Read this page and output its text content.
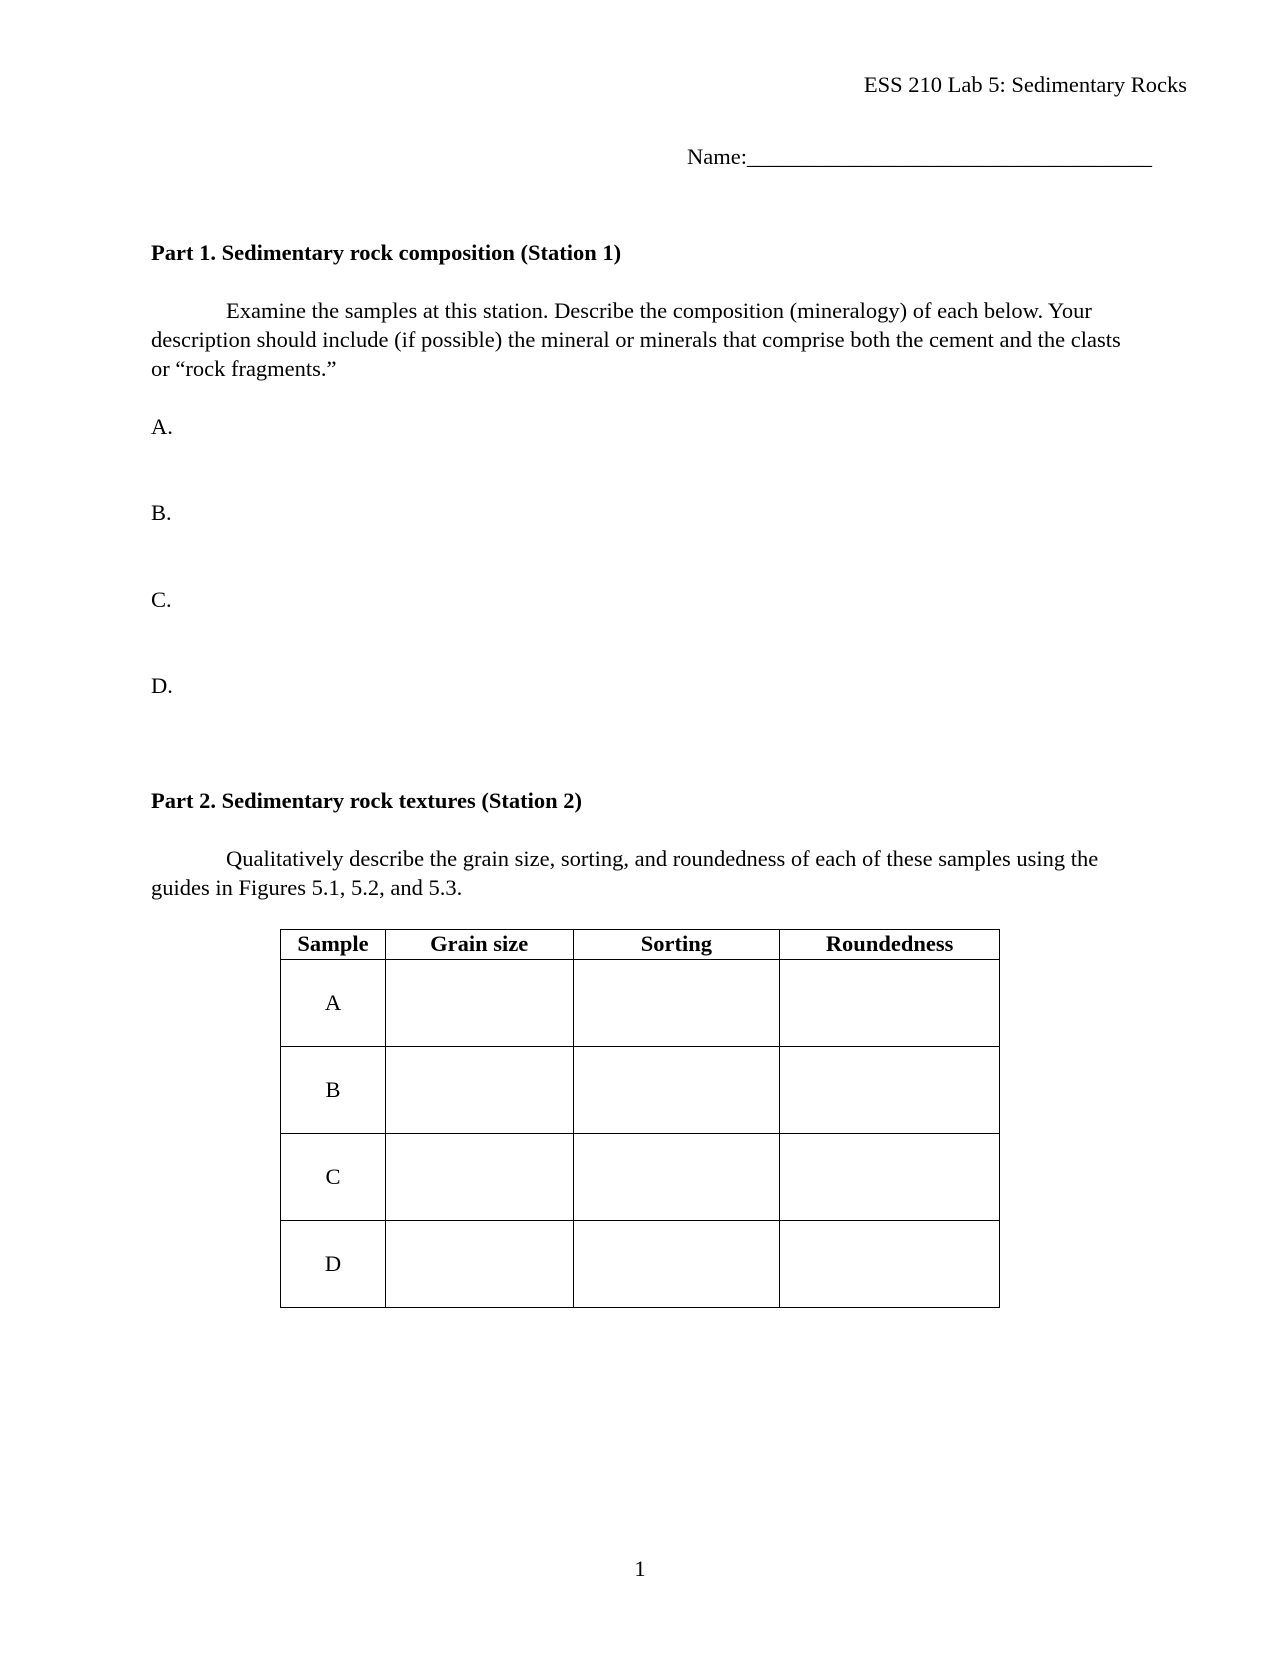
ESS 210 Lab 5: Sedimentary Rocks
Name:____________________________________
Part 1. Sedimentary rock composition (Station 1)
Examine the samples at this station. Describe the composition (mineralogy) of each below. Your description should include (if possible) the mineral or minerals that comprise both the cement and the clasts or “rock fragments.”
A.
B.
C.
D.
Part 2. Sedimentary rock textures (Station 2)
Qualitatively describe the grain size, sorting, and roundedness of each of these samples using the guides in Figures 5.1, 5.2, and 5.3.
Sample	Grain size	Sorting	Roundedness
A			
B			
C			
D			
1
